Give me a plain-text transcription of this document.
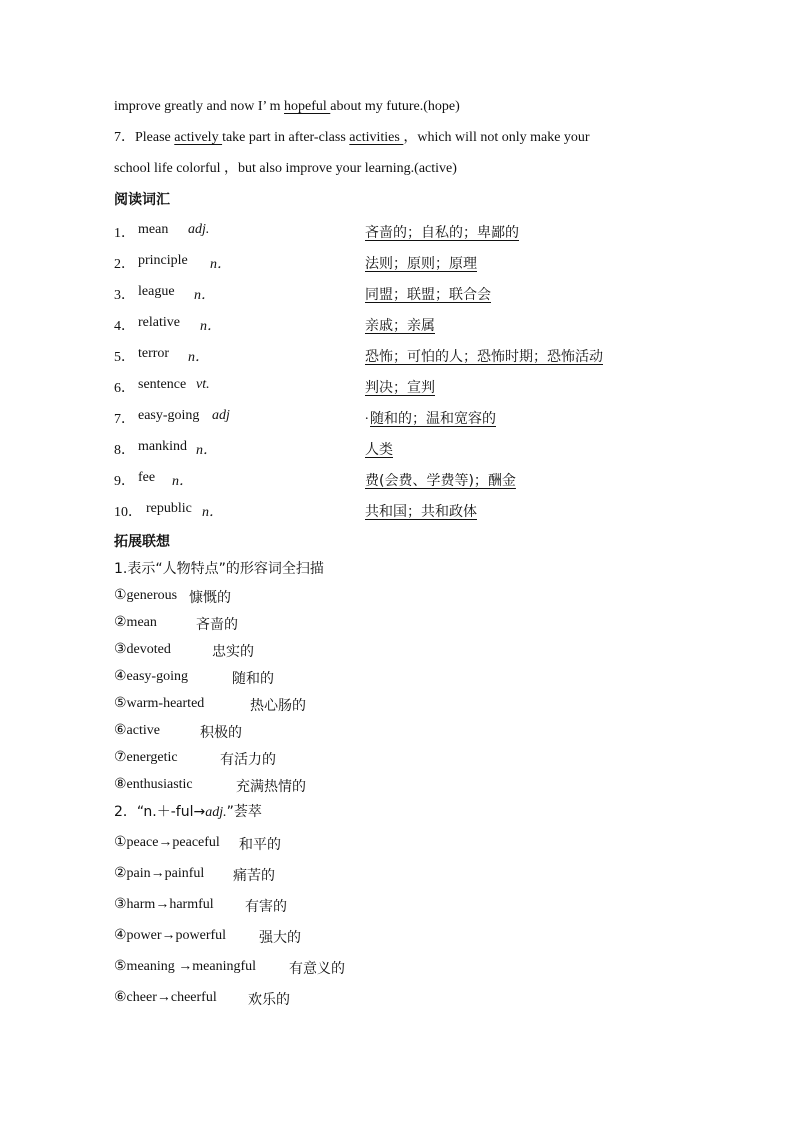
improve greatly and now I’ m hopeful about my future.(hope)
7．Please actively take part in after-class activities ，which will not only make your
school life colorful ，but also improve your learning.(active)
阅读词汇
1． mean adj.	吝啬的；自私的；卑鄙的
2． principle n．	法则；原则；原理
3． league n．	同盟；联盟；联合会
4． relative n．	亲戚；亲属
5． terror n．	恐怖；可怕的人；恐怖时期；恐怖活动
6． sentence vt.	判决；宣判
7． easy-going adj	. 随和的；温和宽容的
8． mankind n．	人类
9． fee n．	费(会费、学费等)；酬金
10． republic n．	共和国；共和政体
拓展联想
1.表示“人物特点”的形容词全扫描
①generous 慷慨的
②mean	吝啬的
③devoted	忠实的
④easy-going	随和的
⑤warm-hearted	热心肠的
⑥active	积极的
⑦energetic	有活力的
⑧enthusiastic	充满热情的
2．“n.＋-ful→adj.”荟萃
①peace→peaceful 和平的
②pain→painful 痛苦的
③harm→harmful 有害的
④power→powerful 强大的
⑤meaning →meaningful 有意义的
⑥cheer→cheerful 欢乐的
